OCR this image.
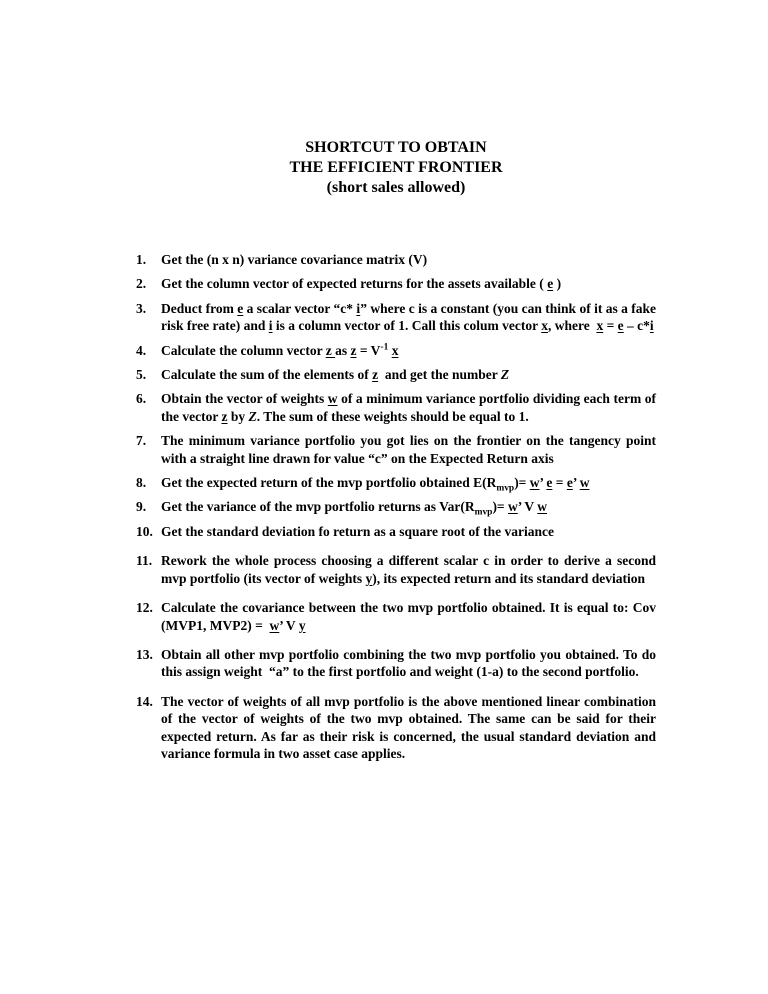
SHORTCUT TO OBTAIN
THE EFFICIENT FRONTIER
(short sales allowed)
1. Get the (n x n) variance covariance matrix (V)
2. Get the column vector of expected returns for the assets available ( e )
3. Deduct from e a scalar vector “c* i” where c is a constant (you can think of it as a fake risk free rate) and i is a column vector of 1. Call this colum vector x, where  x = e – c*i
4. Calculate the column vector z as $z = V^{-1}$ x
5. Calculate the sum of the elements of z  and get the number Z
6. Obtain the vector of weights w of a minimum variance portfolio dividing each term of the vector z by Z. The sum of these weights should be equal to 1.
7. The minimum variance portfolio you got lies on the frontier on the tangency point with a straight line drawn for value “c” on the Expected Return axis
8. Get the expected return of the mvp portfolio obtained $E(R_{mvp})= w$’ e = e’ w
9. Get the variance of the mvp portfolio returns as $Var(R_{mvp})= w$’ V w
10. Get the standard deviation fo return as a square root of the variance
11. Rework the whole process choosing a different scalar c in order to derive a second mvp portfolio (its vector of weights y), its expected return and its standard deviation
12. Calculate the covariance between the two mvp portfolio obtained. It is equal to: Cov (MVP1, MVP2) =  w’ V y
13. Obtain all other mvp portfolio combining the two mvp portfolio you obtained. To do this assign weight  “a” to the first portfolio and weight (1-a) to the second portfolio.
14. The vector of weights of all mvp portfolio is the above mentioned linear combination of the vector of weights of the two mvp obtained. The same can be said for their expected return. As far as their risk is concerned, the usual standard deviation and variance formula in two asset case applies.
